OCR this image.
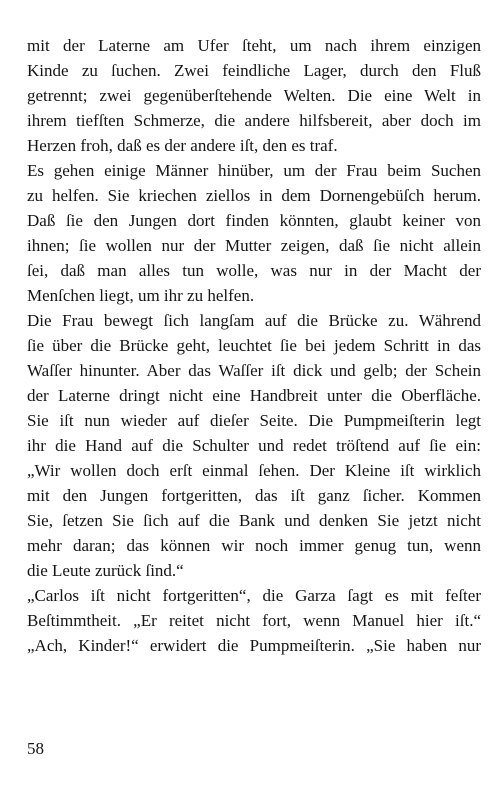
mit der Laterne am Ufer ſteht, um nach ihrem einzigen
Kinde zu ſuchen. Zwei feindliche Lager, durch den Fluß
getrennt; zwei gegenüberſtehende Welten. Die eine Welt in
ihrem tiefſten Schmerze, die andere hilfsbereit, aber doch im
Herzen froh, daß es der andere iſt, den es traf.
Es gehen einige Männer hinüber, um der Frau beim Suchen
zu helfen. Sie kriechen ziellos in dem Dornengebüſch herum.
Daß ſie den Jungen dort finden könnten, glaubt keiner von
ihnen; ſie wollen nur der Mutter zeigen, daß ſie nicht allein
ſei, daß man alles tun wolle, was nur in der Macht der
Menſchen liegt, um ihr zu helfen.
Die Frau bewegt ſich langſam auf die Brücke zu. Während
ſie über die Brücke geht, leuchtet ſie bei jedem Schritt in das
Waſſer hinunter. Aber das Waſſer iſt dick und gelb; der Schein
der Laterne dringt nicht eine Handbreit unter die Oberfläche.
Sie iſt nun wieder auf dieſer Seite. Die Pumpmeiſterin legt
ihr die Hand auf die Schulter und redet tröſtend auf ſie ein:
„Wir wollen doch erſt einmal ſehen. Der Kleine iſt wirklich
mit den Jungen fortgeritten, das iſt ganz ſicher. Kommen
Sie, ſetzen Sie ſich auf die Bank und denken Sie jetzt nicht
mehr daran; das können wir noch immer genug tun, wenn
die Leute zurück ſind.“
„Carlos iſt nicht fortgeritten“, die Garza ſagt es mit feſter
Beſtimmtheit. „Er reitet nicht fort, wenn Manuel hier iſt.“
„Ach, Kinder!“ erwidert die Pumpmeiſterin. „Sie haben nur
58
